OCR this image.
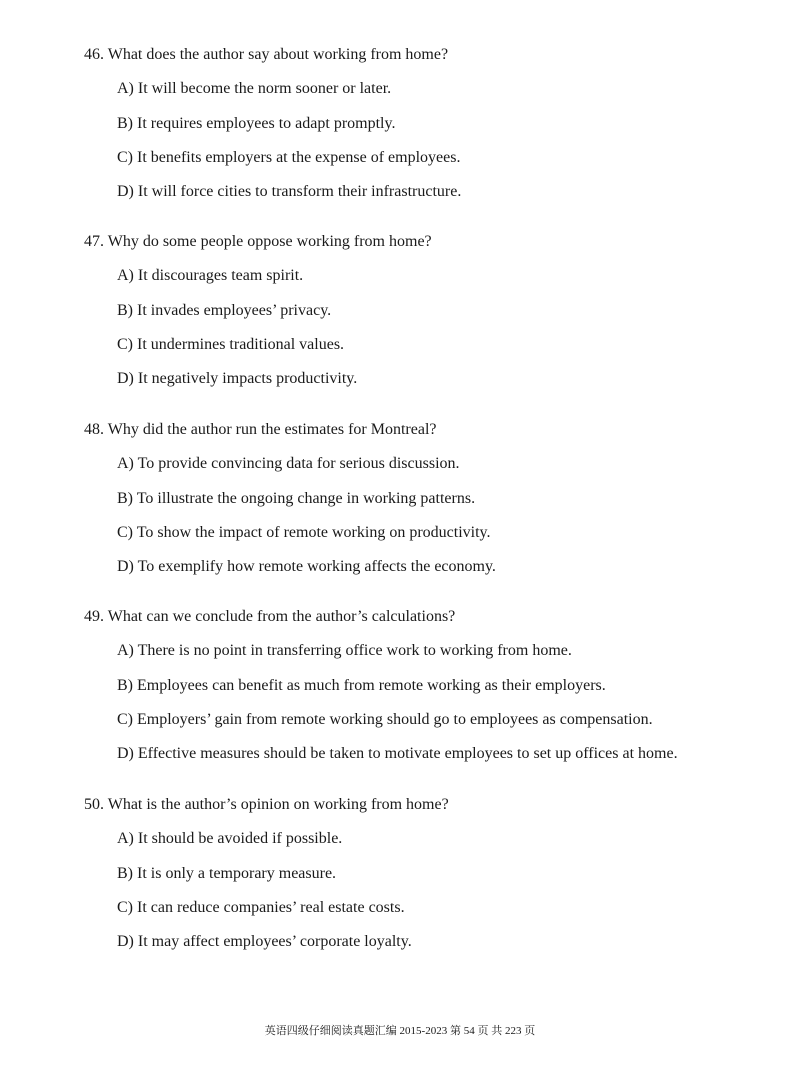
46. What does the author say about working from home?

A) It will become the norm sooner or later.
B) It requires employees to adapt promptly.
C) It benefits employers at the expense of employees.
D) It will force cities to transform their infrastructure.

47. Why do some people oppose working from home?

A) It discourages team spirit.
B) It invades employees’ privacy.
C) It undermines traditional values.
D) It negatively impacts productivity.

48. Why did the author run the estimates for Montreal?

A) To provide convincing data for serious discussion.
B) To illustrate the ongoing change in working patterns.
C) To show the impact of remote working on productivity.
D) To exemplify how remote working affects the economy.

49. What can we conclude from the author’s calculations?

A) There is no point in transferring office work to working from home.
B) Employees can benefit as much from remote working as their employers.
C) Employers’ gain from remote working should go to employees as compensation.
D) Effective measures should be taken to motivate employees to set up offices at home.

50. What is the author’s opinion on working from home?

A) It should be avoided if possible.
B) It is only a temporary measure.
C) It can reduce companies’ real estate costs.
D) It may affect employees’ corporate loyalty.
英语四级仔细阅读真题汇编 2015-2023 第 54 页 共 223 页
